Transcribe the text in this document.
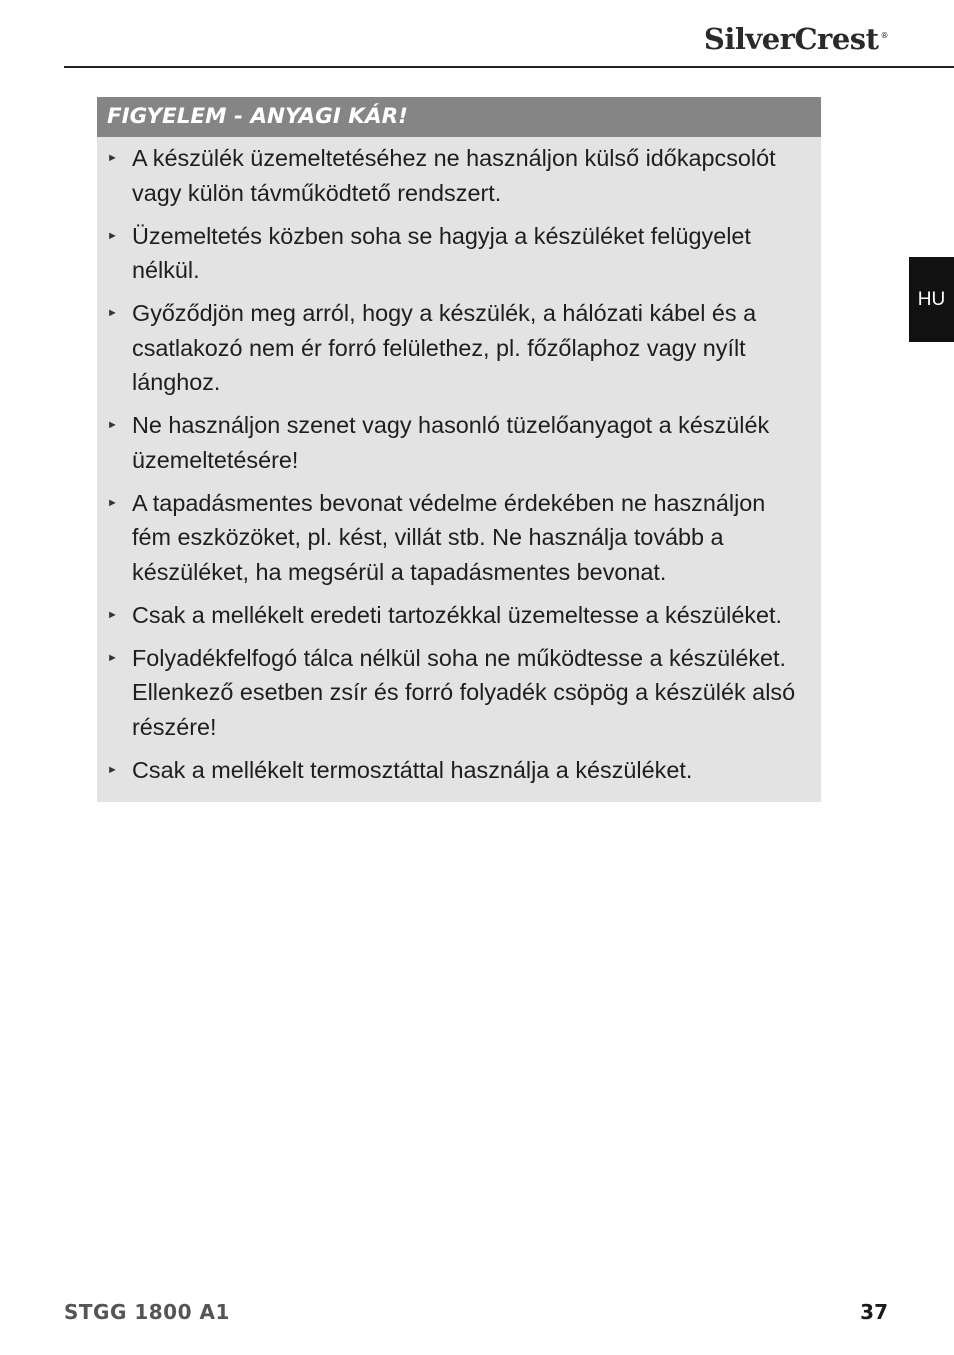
SilverCrest ®
HU
FIGYELEM - ANYAGI KÁR!
► A készülék üzemeltetéséhez ne használjon külső időkapcsolót vagy külön távműködtető rendszert.
► Üzemeltetés közben soha se hagyja a készüléket felügyelet nélkül.
► Győződjön meg arról, hogy a készülék, a hálózati kábel és a csatlakozó nem ér forró felülethez, pl. főzőlaphoz vagy nyílt lánghoz.
► Ne használjon szenet vagy hasonló tüzelőanyagot a készülék üzemeltetésére!
► A tapadásmentes bevonat védelme érdekében ne használjon fém eszközöket, pl. kést, villát stb. Ne használja tovább a készüléket, ha megsérül a tapadásmentes bevonat.
► Csak a mellékelt eredeti tartozékkal üzemeltesse a készüléket.
► Folyadékfelfogó tálca nélkül soha ne működtesse a készüléket. Ellenkező esetben zsír és forró folyadék csöpög a készülék alsó részére!
► Csak a mellékelt termosztáttal használja a készüléket.
STGG 1800 A1	37
